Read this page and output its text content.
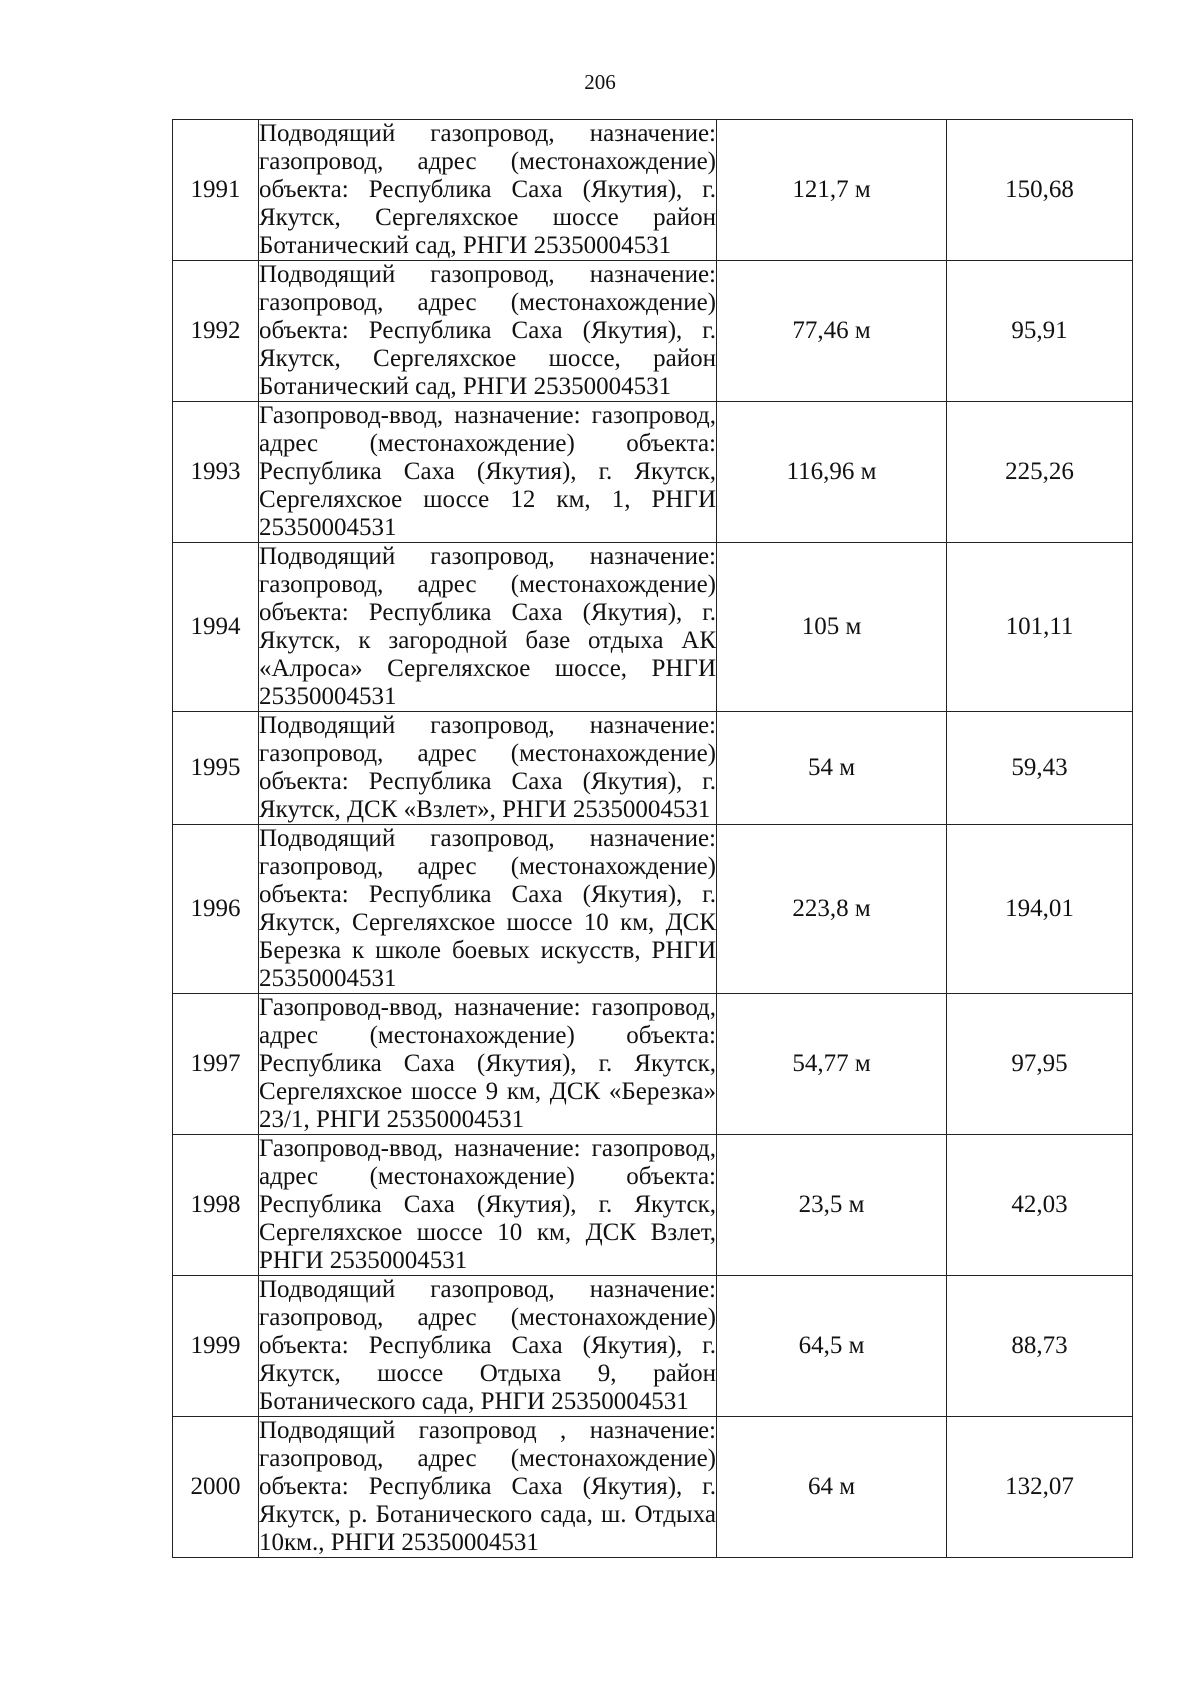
206
1991	Подводящий газопровод, назначение: газопровод, адрес (местонахождение) объекта: Республика Саха (Якутия), г. Якутск, Сергеляхское шоссе район Ботанический сад, РНГИ 25350004531	121,7 м	150,68
1992	Подводящий газопровод, назначение: газопровод, адрес (местонахождение) объекта: Республика Саха (Якутия), г. Якутск, Сергеляхское шоссе, район Ботанический сад, РНГИ 25350004531	77,46 м	95,91
1993	Газопровод-ввод, назначение: газопровод, адрес (местонахождение) объекта: Республика Саха (Якутия), г. Якутск, Сергеляхское шоссе 12 км, 1, РНГИ 25350004531	116,96 м	225,26
1994	Подводящий газопровод, назначение: газопровод, адрес (местонахождение) объекта: Республика Саха (Якутия), г. Якутск, к загородной базе отдыха АК «Алроса» Сергеляхское шоссе, РНГИ 25350004531	105 м	101,11
1995	Подводящий газопровод, назначение: газопровод, адрес (местонахождение) объекта: Республика Саха (Якутия), г. Якутск, ДСК «Взлет», РНГИ 25350004531	54 м	59,43
1996	Подводящий газопровод, назначение: газопровод, адрес (местонахождение) объекта: Республика Саха (Якутия), г. Якутск, Сергеляхское шоссе 10 км, ДСК Березка к школе боевых искусств, РНГИ 25350004531	223,8 м	194,01
1997	Газопровод-ввод, назначение: газопровод, адрес (местонахождение) объекта: Республика Саха (Якутия), г. Якутск, Сергеляхское шоссе 9 км, ДСК «Березка» 23/1, РНГИ 25350004531	54,77 м	97,95
1998	Газопровод-ввод, назначение: газопровод, адрес (местонахождение) объекта: Республика Саха (Якутия), г. Якутск, Сергеляхское шоссе 10 км, ДСК Взлет, РНГИ 25350004531	23,5 м	42,03
1999	Подводящий газопровод, назначение: газопровод, адрес (местонахождение) объекта: Республика Саха (Якутия), г. Якутск, шоссе Отдыха 9, район Ботанического сада, РНГИ 25350004531	64,5 м	88,73
2000	Подводящий газопровод , назначение: газопровод, адрес (местонахождение) объекта: Республика Саха (Якутия), г. Якутск, р. Ботанического сада, ш. Отдыха 10км., РНГИ 25350004531	64 м	132,07
